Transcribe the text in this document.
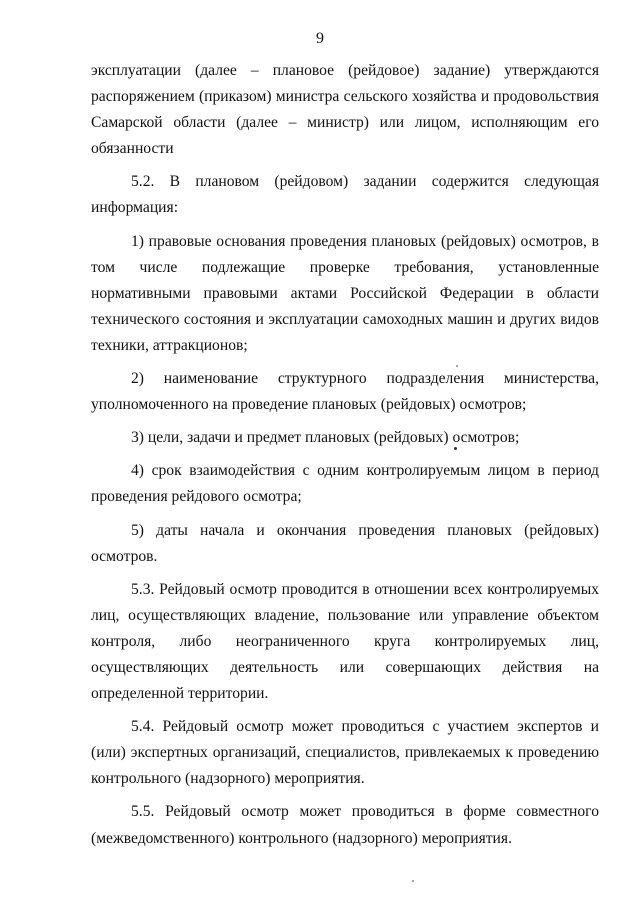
9

эксплуатации (далее – плановое (рейдовое) задание) утверждаются распоряжением (приказом) министра сельского хозяйства и продовольствия Самарской области (далее – министр) или лицом, исполняющим его обязанности

5.2. В плановом (рейдовом) задании содержится следующая информация:

1) правовые основания проведения плановых (рейдовых) осмотров, в том числе подлежащие проверке требования, установленные нормативными правовыми актами Российской Федерации в области технического состояния и эксплуатации самоходных машин и других видов техники, аттракционов;

2) наименование структурного подразделения министерства, уполномоченного на проведение плановых (рейдовых) осмотров;

3) цели, задачи и предмет плановых (рейдовых) осмотров;

4) срок взаимодействия с одним контролируемым лицом в период проведения рейдового осмотра;

5) даты начала и окончания проведения плановых (рейдовых) осмотров.

5.3. Рейдовый осмотр проводится в отношении всех контролируемых лиц, осуществляющих владение, пользование или управление объектом контроля, либо неограниченного круга контролируемых лиц, осуществляющих деятельность или совершающих действия на определенной территории.

5.4. Рейдовый осмотр может проводиться с участием экспертов и (или) экспертных организаций, специалистов, привлекаемых к проведению контрольного (надзорного) мероприятия.

5.5. Рейдовый осмотр может проводиться в форме совместного (межведомственного) контрольного (надзорного) мероприятия.
